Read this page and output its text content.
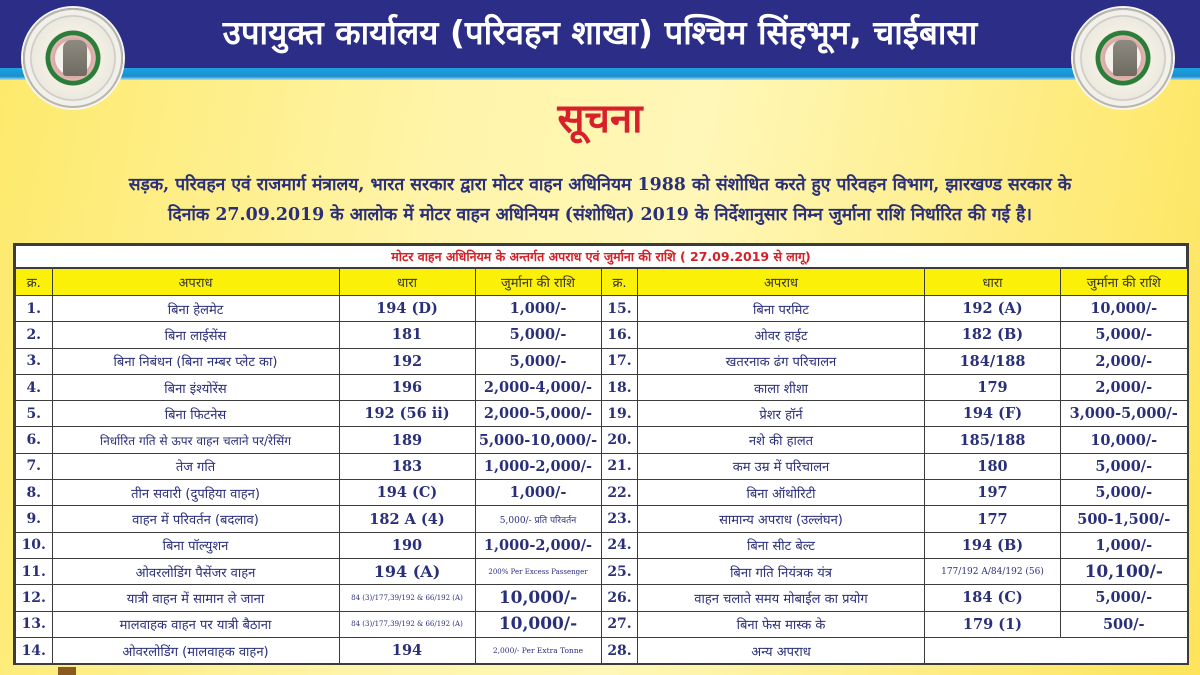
उपायुक्त कार्यालय (परिवहन शाखा) पश्चिम सिंहभूम, चाईबासा
सूचना
सड़क, परिवहन एवं राजमार्ग मंत्रालय, भारत सरकार द्वारा मोटर वाहन अधिनियम 1988 को संशोधित करते हुए परिवहन विभाग, झारखण्ड सरकार के
दिनांक 27.09.2019 के आलोक में मोटर वाहन अधिनियम (संशोधित) 2019 के निर्देशानुसार निम्न जुर्माना राशि निर्धारित की गई है।
मोटर वाहन अधिनियम के अन्तर्गत अपराध एवं जुर्माना की राशि ( 27.09.2019 से लागू)
क्र.	अपराध	धारा	जुर्माना की राशि
1.	बिना हेलमेट	194 (D)	1,000/-
2.	बिना लाईसेंस	181	5,000/-
3.	बिना निबंधन (बिना नम्बर प्लेट का)	192	5,000/-
4.	बिना इंश्योरेंस	196	2,000-4,000/-
5.	बिना फिटनेस	192 (56 ii)	2,000-5,000/-
6.	निर्धारित गति से ऊपर वाहन चलाने पर/रेसिंग	189	5,000-10,000/-
7.	तेज गति	183	1,000-2,000/-
8.	तीन सवारी (दुपहिया वाहन)	194 (C)	1,000/-
9.	वाहन में परिवर्तन (बदलाव)	182 A (4)	5,000/- प्रति परिवर्तन
10.	बिना पॉल्युशन	190	1,000-2,000/-
11.	ओवरलोडिंग पैसेंजर वाहन	194 (A)	200% Per Excess Passenger
12.	यात्री वाहन में सामान ले जाना	84 (3)/177,39/192 & 66/192 (A)	10,000/-
13.	मालवाहक वाहन पर यात्री बैठाना	84 (3)/177,39/192 & 66/192 (A)	10,000/-
14.	ओवरलोडिंग (मालवाहक वाहन)	194	2,000/- Per Extra Tonne
क्र.	अपराध	धारा	जुर्माना की राशि
15.	बिना परमिट	192 (A)	10,000/-
16.	ओवर हाईट	182 (B)	5,000/-
17.	खतरनाक ढंग परिचालन	184/188	2,000/-
18.	काला शीशा	179	2,000/-
19.	प्रेशर हॉर्न	194 (F)	3,000-5,000/-
20.	नशे की हालत	185/188	10,000/-
21.	कम उम्र में परिचालन	180	5,000/-
22.	बिना ऑथोरिटी	197	5,000/-
23.	सामान्य अपराध (उल्लंघन)	177	500-1,500/-
24.	बिना सीट बेल्ट	194 (B)	1,000/-
25.	बिना गति नियंत्रक यंत्र	177/192 A/84/192 (56)	10,100/-
26.	वाहन चलाते समय मोबाईल का प्रयोग	184 (C)	5,000/-
27.	बिना फेस मास्क के	179 (1)	500/-
28.	अन्य अपराध		
